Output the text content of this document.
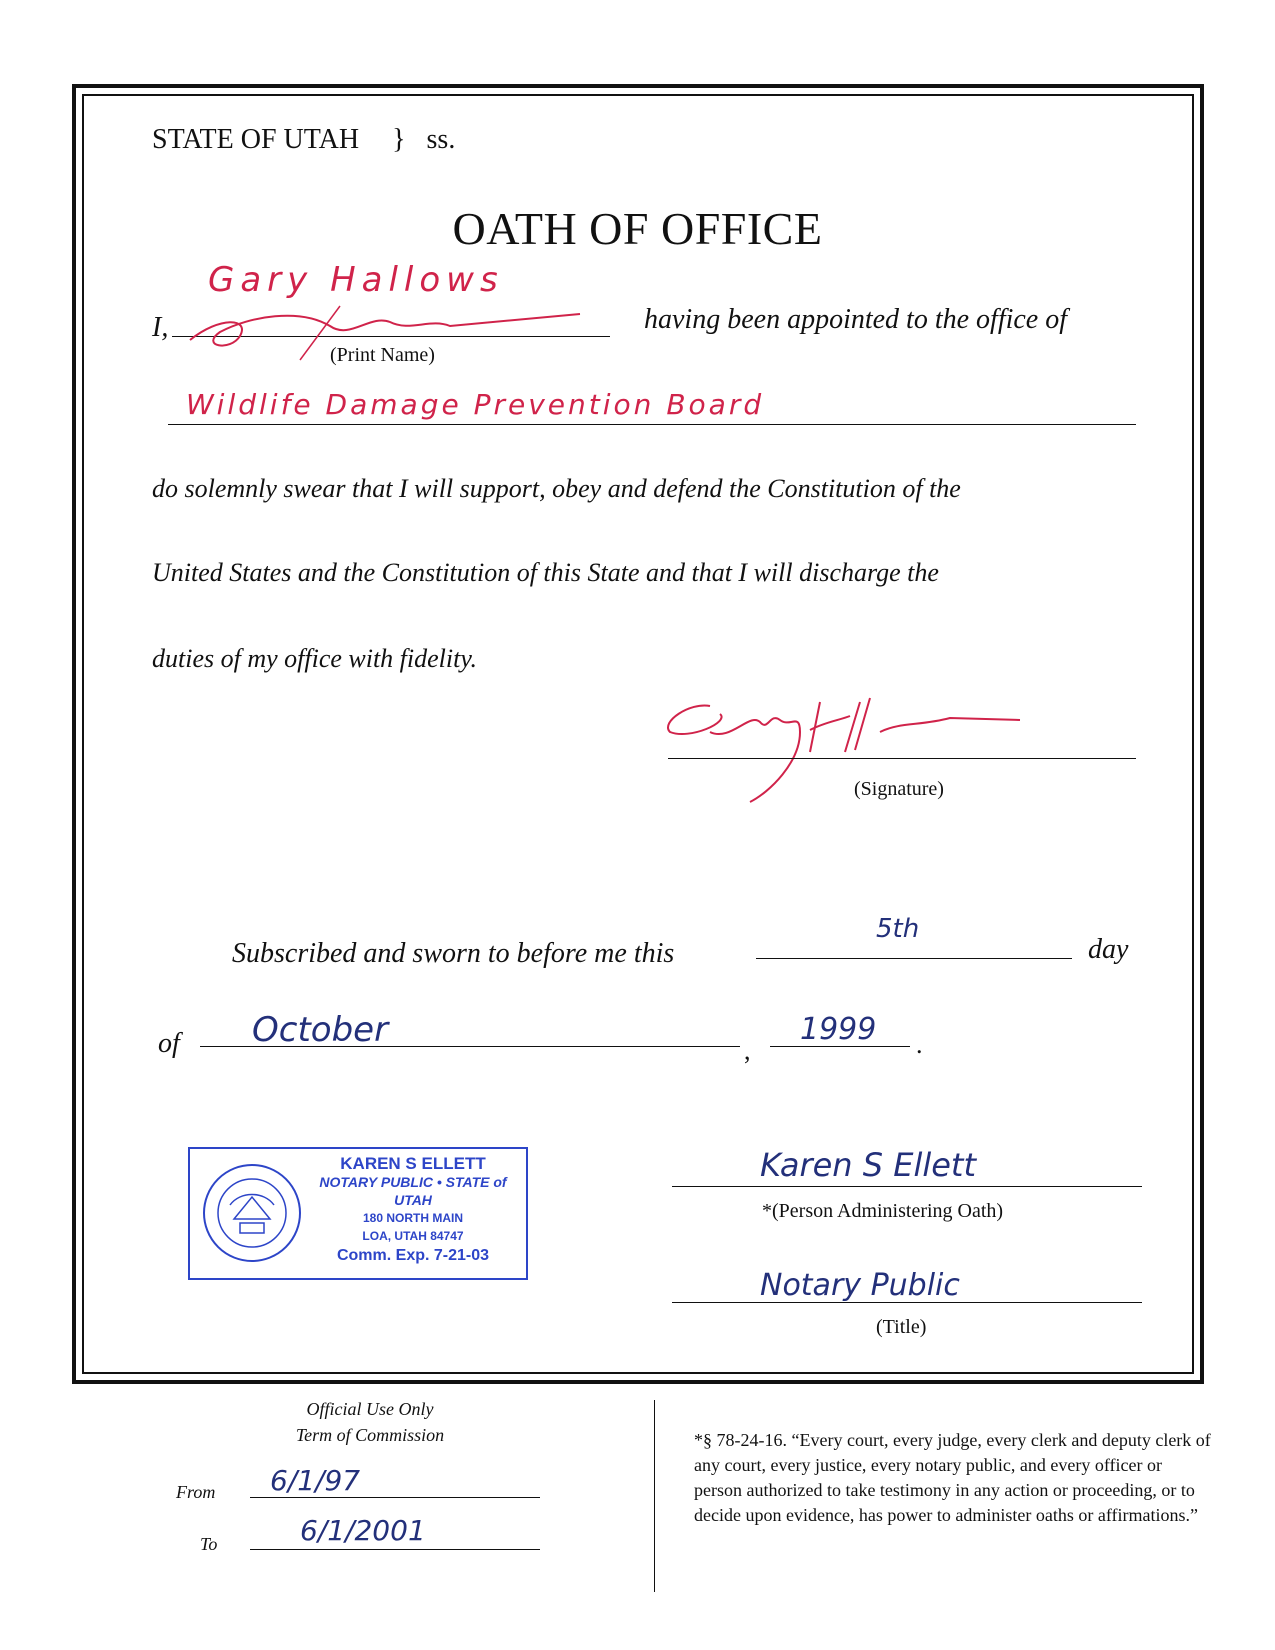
STATE OF UTAH } ss.
OATH OF OFFICE
I,
Gary Hallows
(Print Name)
having been appointed to the office of
Wildlife Damage Prevention Board
do solemnly swear that I will support, obey and defend the Constitution of the
United States and the Constitution of this State and that I will discharge the
duties of my office with fidelity.
(Signature)
Subscribed and sworn to before me this
5th
day
of October
,
1999 .
KAREN S ELLETT
NOTARY PUBLIC • STATE of UTAH
180 NORTH MAIN
LOA, UTAH 84747
Comm. Exp. 7-21-03
Karen S Ellett
*(Person Administering Oath)
Notary Public
(Title)
Official Use Only
Term of Commission
From 6/1/97
To	6/1/2001
*§ 78-24-16. “Every court, every judge, every clerk and deputy clerk of any court, every justice, every notary public, and every officer or person authorized to take testimony in any action or proceeding, or to decide upon evidence, has power to administer oaths or affirmations.”
